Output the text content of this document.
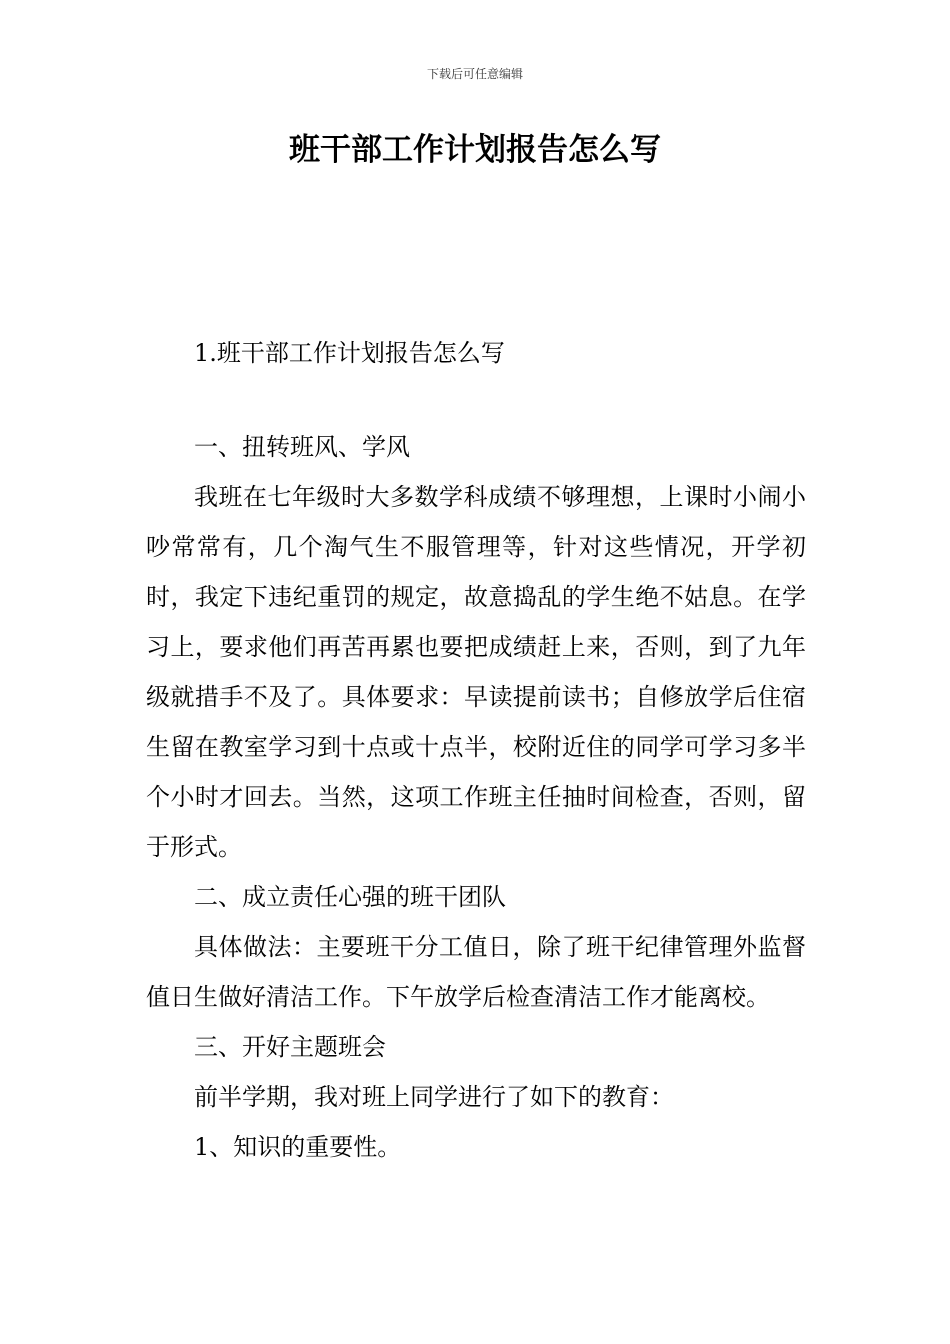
下载后可任意编辑
班干部工作计划报告怎么写

1.班干部工作计划报告怎么写

一、扭转班风、学风

我班在七年级时大多数学科成绩不够理想，上课时小闹小吵常常有，几个淘气生不服管理等，针对这些情况，开学初时，我定下违纪重罚的规定，故意捣乱的学生绝不姑息。在学习上，要求他们再苦再累也要把成绩赶上来，否则，到了九年级就措手不及了。具体要求：早读提前读书；自修放学后住宿生留在教室学习到十点或十点半，校附近住的同学可学习多半个小时才回去。当然，这项工作班主任抽时间检查，否则，留于形式。

二、成立责任心强的班干团队

具体做法：主要班干分工值日，除了班干纪律管理外监督值日生做好清洁工作。下午放学后检查清洁工作才能离校。

三、开好主题班会

前半学期，我对班上同学进行了如下的教育：

1、知识的重要性。
